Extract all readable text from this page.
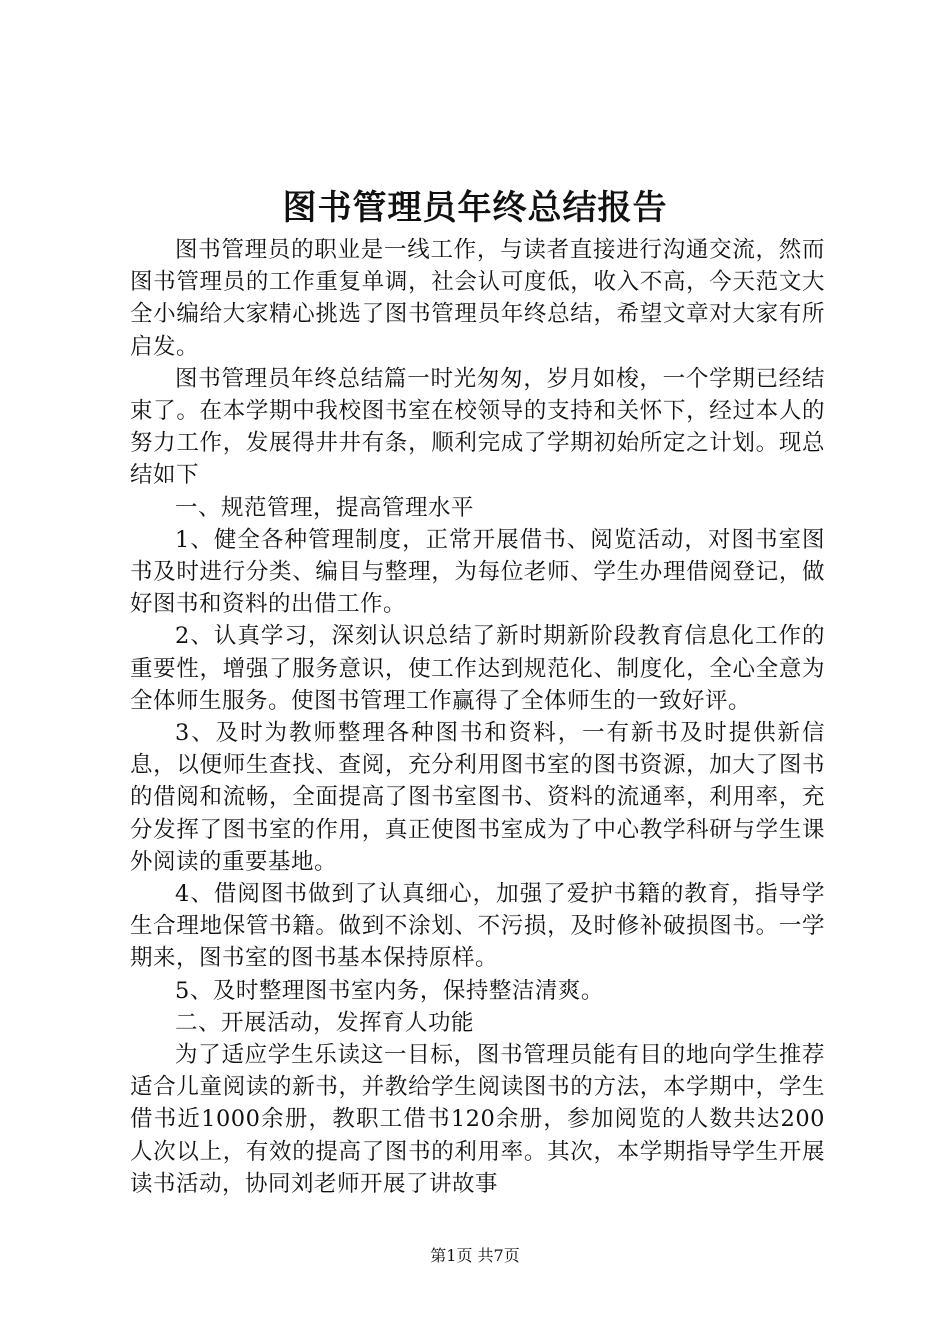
图书管理员年终总结报告

图书管理员的职业是一线工作，与读者直接进行沟通交流，然而图书管理员的工作重复单调，社会认可度低，收入不高，今天范文大全小编给大家精心挑选了图书管理员年终总结，希望文章对大家有所启发。

图书管理员年终总结篇一时光匆匆，岁月如梭，一个学期已经结束了。在本学期中我校图书室在校领导的支持和关怀下，经过本人的努力工作，发展得井井有条，顺利完成了学期初始所定之计划。现总结如下

一、规范管理，提高管理水平

1、健全各种管理制度，正常开展借书、阅览活动，对图书室图书及时进行分类、编目与整理，为每位老师、学生办理借阅登记，做好图书和资料的出借工作。

2、认真学习，深刻认识总结了新时期新阶段教育信息化工作的重要性，增强了服务意识，使工作达到规范化、制度化，全心全意为全体师生服务。使图书管理工作赢得了全体师生的一致好评。

3、及时为教师整理各种图书和资料，一有新书及时提供新信息，以便师生查找、查阅，充分利用图书室的图书资源，加大了图书的借阅和流畅，全面提高了图书室图书、资料的流通率，利用率，充分发挥了图书室的作用，真正使图书室成为了中心教学科研与学生课外阅读的重要基地。

4、借阅图书做到了认真细心，加强了爱护书籍的教育，指导学生合理地保管书籍。做到不涂划、不污损，及时修补破损图书。一学期来，图书室的图书基本保持原样。

5、及时整理图书室内务，保持整洁清爽。

二、开展活动，发挥育人功能

为了适应学生乐读这一目标，图书管理员能有目的地向学生推荐适合儿童阅读的新书，并教给学生阅读图书的方法，本学期中，学生借书近1000余册，教职工借书120余册，参加阅览的人数共达200人次以上，有效的提高了图书的利用率。其次，本学期指导学生开展读书活动，协同刘老师开展了讲故事

第1页 共7页
